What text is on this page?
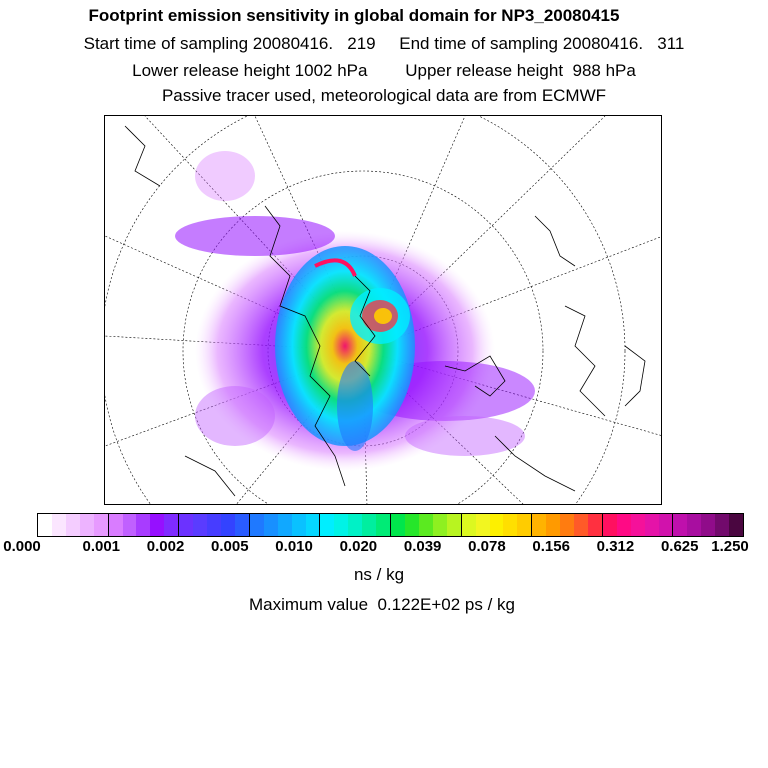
Footprint emission sensitivity in global domain for NP3_20080415
Start time of sampling 20080416.   219     End time of sampling 20080416.   311
Lower release height 1002 hPa        Upper release height  988 hPa
Passive tracer used, meteorological data are from ECMWF
0.000	0.001 0.002 0.005 0.010 0.020 0.039 0.078 0.156 0.312 0.625 1.250
ns / kg
Maximum value  0.122E+02 ps / kg
